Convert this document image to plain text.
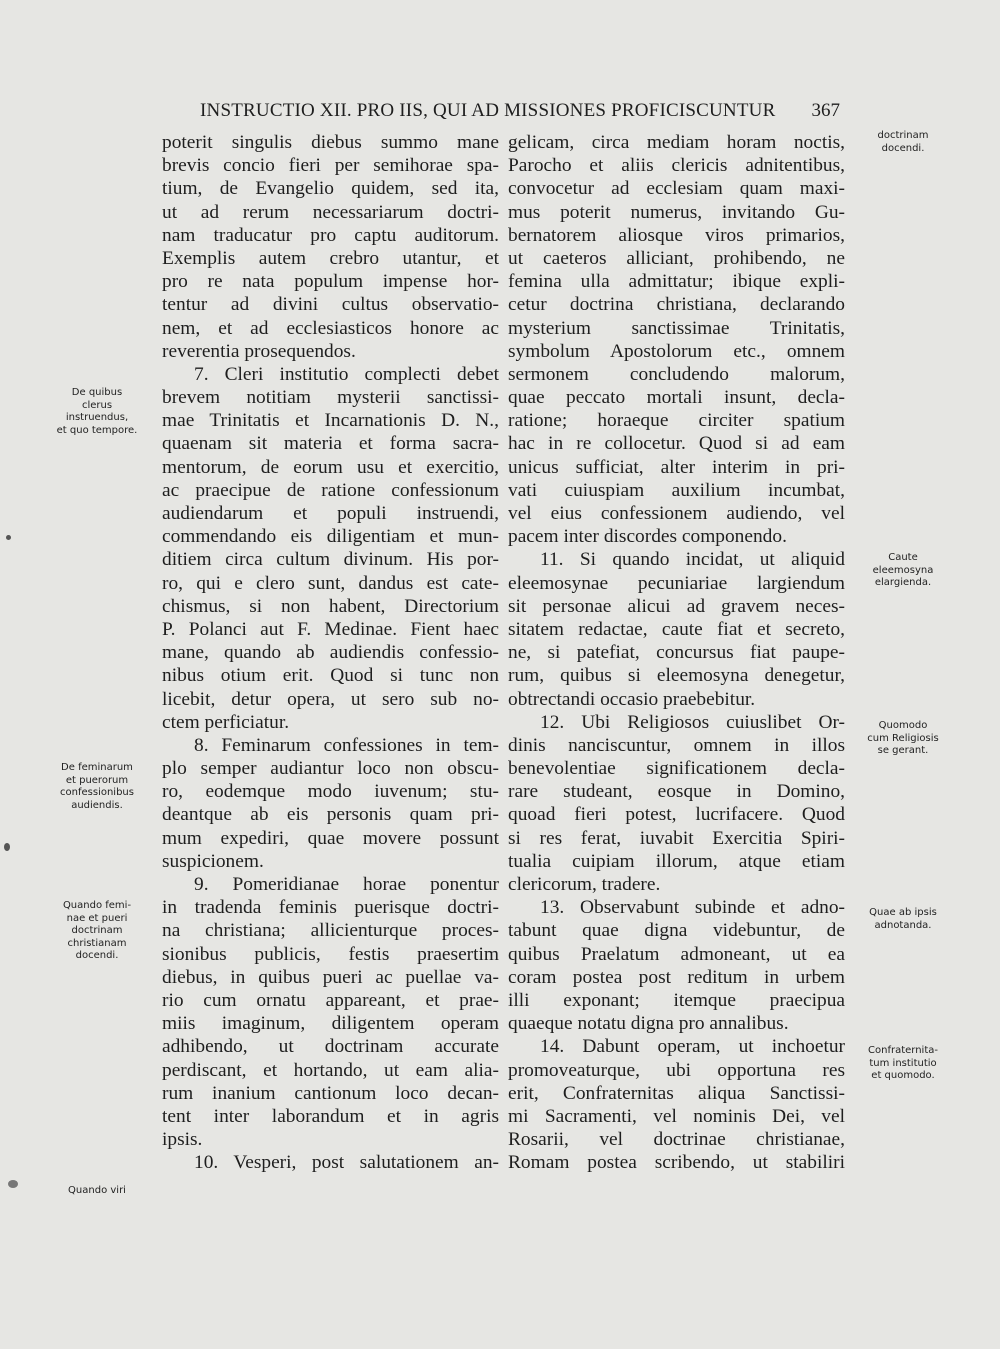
INSTRUCTIO XII. PRO IIS, QUI AD MISSIONES PROFICISCUNTUR 367
poterit singulis diebus summo mane
brevis concio fieri per semihorae spa-
tium, de Evangelio quidem, sed ita,
ut ad rerum necessariarum doctri-
nam traducatur pro captu auditorum.
Exemplis autem crebro utantur, et
pro re nata populum impense hor-
tentur ad divini cultus observatio-
nem, et ad ecclesiasticos honore ac
reverentia prosequendos.
7. Cleri institutio complecti debet
brevem notitiam mysterii sanctissi-
mae Trinitatis et Incarnationis D. N.,
quaenam sit materia et forma sacra-
mentorum, de eorum usu et exercitio,
ac praecipue de ratione confessionum
audiendarum et populi instruendi,
commendando eis diligentiam et mun-
ditiem circa cultum divinum. His por-
ro, qui e clero sunt, dandus est cate-
chismus, si non habent, Directorium
P. Polanci aut F. Medinae. Fient haec
mane, quando ab audiendis confessio-
nibus otium erit. Quod si tunc non
licebit, detur opera, ut sero sub no-
ctem perficiatur.
8. Feminarum confessiones in tem-
plo semper audiantur loco non obscu-
ro, eodemque modo iuvenum; stu-
deantque ab eis personis quam pri-
mum expediri, quae movere possunt
suspicionem.
9. Pomeridianae horae ponentur
in tradenda feminis puerisque doctri-
na christiana; allicienturque proces-
sionibus publicis, festis praesertim
diebus, in quibus pueri ac puellae va-
rio cum ornatu appareant, et prae-
miis imaginum, diligentem operam
adhibendo, ut doctrinam accurate
perdiscant, et hortando, ut eam alia-
rum inanium cantionum loco decan-
tent inter laborandum et in agris
ipsis.
10. Vesperi, post salutationem an-
gelicam, circa mediam horam noctis,
Parocho et aliis clericis adnitentibus,
convocetur ad ecclesiam quam maxi-
mus poterit numerus, invitando Gu-
bernatorem aliosque viros primarios,
ut caeteros alliciant, prohibendo, ne
femina ulla admittatur; ibique expli-
cetur doctrina christiana, declarando
mysterium sanctissimae Trinitatis,
symbolum Apostolorum etc., omnem
sermonem concludendo malorum,
quae peccato mortali insunt, decla-
ratione; horaeque circiter spatium
hac in re collocetur. Quod si ad eam
unicus sufficiat, alter interim in pri-
vati cuiuspiam auxilium incumbat,
vel eius confessionem audiendo, vel
pacem inter discordes componendo.
11. Si quando incidat, ut aliquid
eleemosynae pecuniariae largiendum
sit personae alicui ad gravem neces-
sitatem redactae, caute fiat et secreto,
ne, si patefiat, concursus fiat paupe-
rum, quibus si eleemosyna denegetur,
obtrectandi occasio praebebitur.
12. Ubi Religiosos cuiuslibet Or-
dinis nanciscuntur, omnem in illos
benevolentiae significationem decla-
rare studeant, eosque in Domino,
quoad fieri potest, lucrifacere. Quod
si res ferat, iuvabit Exercitia Spiri-
tualia cuipiam illorum, atque etiam
clericorum, tradere.
13. Observabunt subinde et adno-
tabunt quae digna videbuntur, de
quibus Praelatum admoneant, ut ea
coram postea post reditum in urbem
illi exponant; itemque praecipua
quaeque notatu digna pro annalibus.
14. Dabunt operam, ut inchoetur
promoveaturque, ubi opportuna res
erit, Confraternitas aliqua Sanctissi-
mi Sacramenti, vel nominis Dei, vel
Rosarii, vel doctrinae christianae,
Romam postea scribendo, ut stabiliri
De quibus
clerus
instruendus,
et quo tempore.
De feminarum
et puerorum
confessionibus
audiendis.
Quando femi-
nae et pueri
doctrinam
christianam
docendi.
Quando viri
doctrinam
docendi.
Caute
eleemosyna
elargienda.
Quomodo
cum Religiosis
se gerant.
Quae ab ipsis
adnotanda.
Confraternita-
tum institutio
et quomodo.
